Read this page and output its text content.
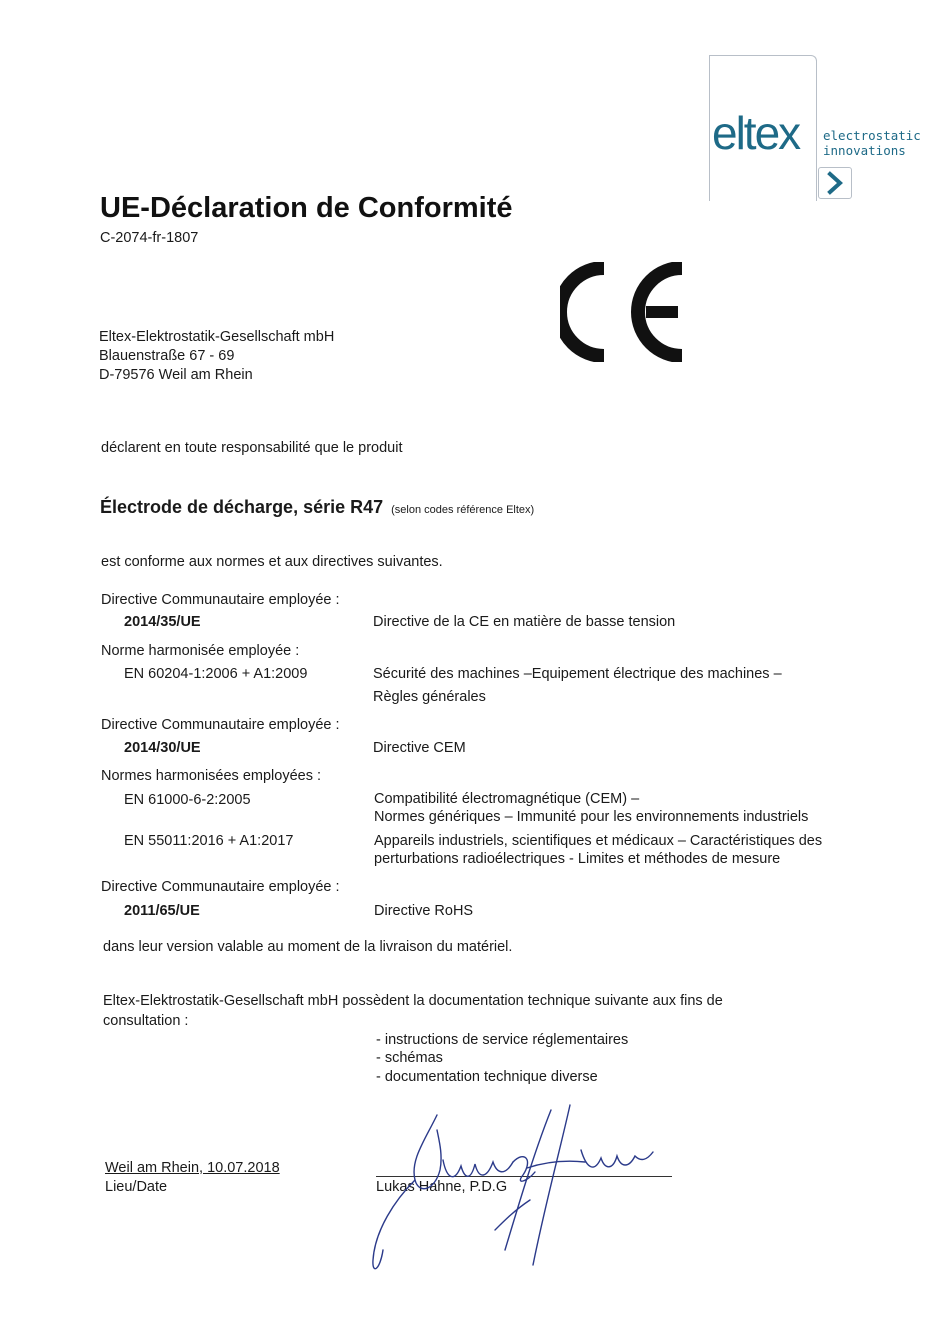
eltex electrostatic
innovations
UE-Déclaration de Conformité
C-2074-fr-1807
Eltex-Elektrostatik-Gesellschaft mbH
Blauenstraße 67 - 69
D-79576 Weil am Rhein
déclarent en toute responsabilité que le produit
Électrode de décharge, série R47 (selon codes référence Eltex)
est conforme aux normes et aux directives suivantes.
Directive Communautaire employée :
2014/35/UE	Directive de la CE en matière de basse tension
Norme harmonisée employée :
EN 60204-1:2006 + A1:2009	Sécurité des machines –Equipement électrique des machines –
Règles générales
Directive Communautaire employée :
2014/30/UE	Directive CEM
Normes harmonisées employées :
EN 61000-6-2:2005	Compatibilité électromagnétique (CEM) –
Normes génériques – Immunité pour les environnements industriels
EN 55011:2016 + A1:2017	Appareils industriels, scientifiques et médicaux – Caractéristiques des
perturbations radioélectriques - Limites et méthodes de mesure
Directive Communautaire employée :
2011/65/UE	Directive RoHS
dans leur version valable au moment de la livraison du matériel.
Eltex-Elektrostatik-Gesellschaft mbH possèdent la documentation technique suivante aux fins de
consultation :
- instructions de service réglementaires
- schémas
- documentation technique diverse
Weil am Rhein, 10.07.2018
Lieu/Date	Lukas Hahne, P.D.G
